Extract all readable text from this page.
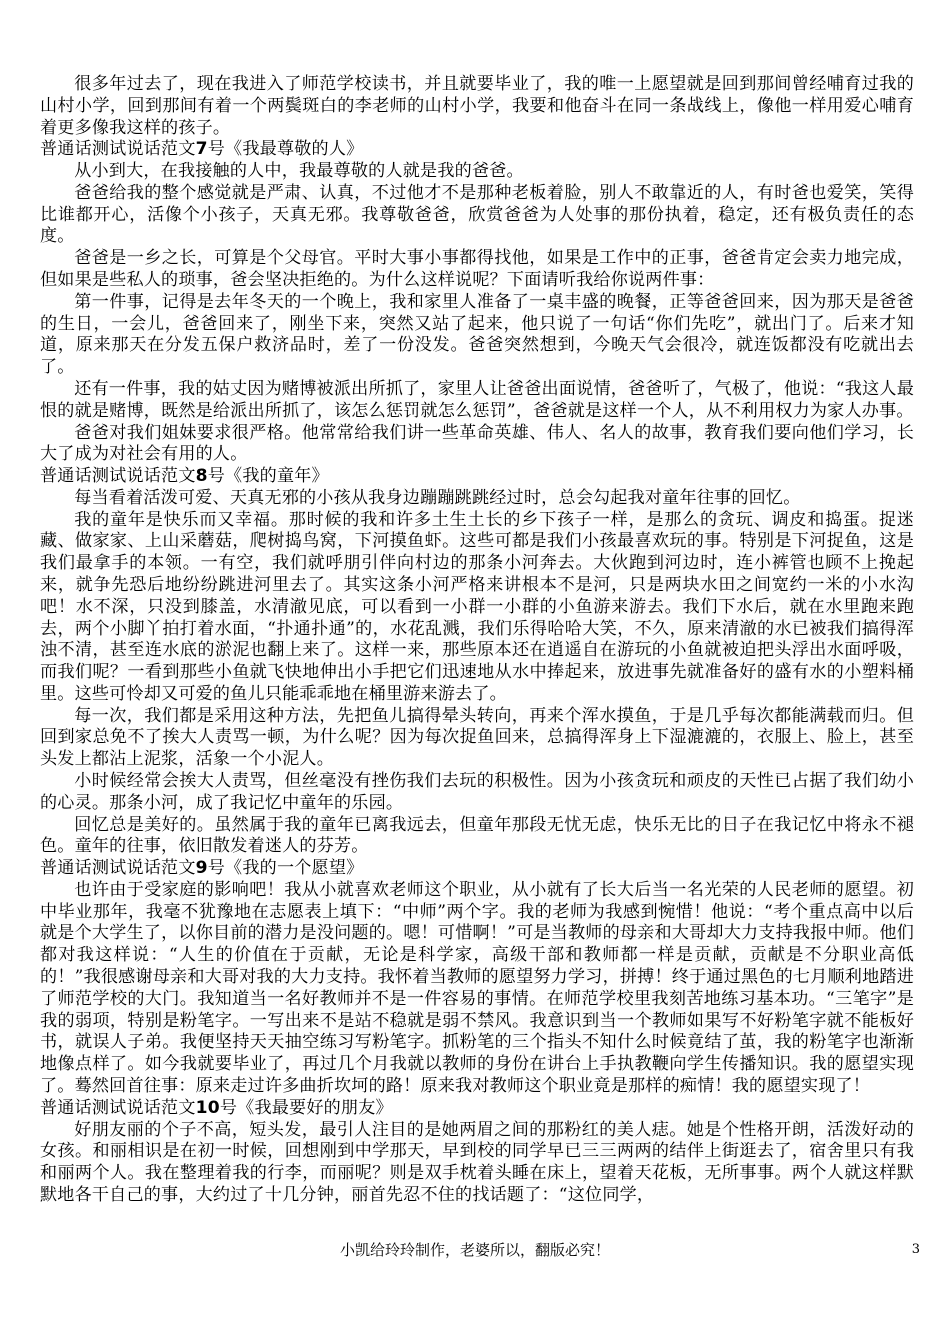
很多年过去了，现在我进入了师范学校读书，并且就要毕业了，我的唯一上愿望就是回到那间曾经哺育过我的山村小学，回到那间有着一个两鬓斑白的李老师的山村小学，我要和他奋斗在同一条战线上，像他一样用爱心哺育着更多像我这样的孩子。

普通话测试说话范文7号《我最尊敬的人》

从小到大，在我接触的人中，我最尊敬的人就是我的爸爸。

爸爸给我的整个感觉就是严肃、认真，不过他才不是那种老板着脸，别人不敢靠近的人，有时爸也爱笑，笑得比谁都开心，活像个小孩子，天真无邪。我尊敬爸爸，欣赏爸爸为人处事的那份执着，稳定，还有极负责任的态度。

爸爸是一乡之长，可算是个父母官。平时大事小事都得找他，如果是工作中的正事，爸爸肯定会卖力地完成，但如果是些私人的琐事，爸会坚决拒绝的。为什么这样说呢？下面请听我给你说两件事：

第一件事，记得是去年冬天的一个晚上，我和家里人准备了一桌丰盛的晚餐，正等爸爸回来，因为那天是爸爸的生日，一会儿，爸爸回来了，刚坐下来，突然又站了起来，他只说了一句话“你们先吃”，就出门了。后来才知道，原来那天在分发五保户救济品时，差了一份没发。爸爸突然想到，今晚天气会很冷，就连饭都没有吃就出去了。

还有一件事，我的姑丈因为赌博被派出所抓了，家里人让爸爸出面说情，爸爸听了，气极了，他说：“我这人最恨的就是赌博，既然是给派出所抓了，该怎么惩罚就怎么惩罚”，爸爸就是这样一个人，从不利用权力为家人办事。

爸爸对我们姐妹要求很严格。他常常给我们讲一些革命英雄、伟人、名人的故事，教育我们要向他们学习，长大了成为对社会有用的人。

普通话测试说话范文8号《我的童年》

每当看着活泼可爱、天真无邪的小孩从我身边蹦蹦跳跳经过时，总会勾起我对童年往事的回忆。

我的童年是快乐而又幸福。那时候的我和许多土生土长的乡下孩子一样，是那么的贪玩、调皮和捣蛋。捉迷藏、做家家、上山采蘑菇，爬树捣鸟窝，下河摸鱼虾。这些可都是我们小孩最喜欢玩的事。特别是下河捉鱼，这是我们最拿手的本领。一有空，我们就呼朋引伴向村边的那条小河奔去。大伙跑到河边时，连小裤管也顾不上挽起来，就争先恐后地纷纷跳进河里去了。其实这条小河严格来讲根本不是河，只是两块水田之间宽约一米的小水沟吧！水不深，只没到膝盖，水清澈见底，可以看到一小群一小群的小鱼游来游去。我们下水后，就在水里跑来跑去，两个小脚丫拍打着水面，“扑通扑通”的，水花乱溅，我们乐得哈哈大笑，不久，原来清澈的水已被我们搞得浑浊不清，甚至连水底的淤泥也翻上来了。这样一来，那些原本还在逍遥自在游玩的小鱼就被迫把头浮出水面呼吸，而我们呢？一看到那些小鱼就飞快地伸出小手把它们迅速地从水中捧起来，放进事先就准备好的盛有水的小塑料桶里。这些可怜却又可爱的鱼儿只能乖乖地在桶里游来游去了。

每一次，我们都是采用这种方法，先把鱼儿搞得晕头转向，再来个浑水摸鱼，于是几乎每次都能满载而归。但回到家总免不了挨大人责骂一顿，为什么呢？因为每次捉鱼回来，总搞得浑身上下湿漉漉的，衣服上、脸上，甚至头发上都沾上泥浆，活象一个小泥人。

小时候经常会挨大人责骂，但丝毫没有挫伤我们去玩的积极性。因为小孩贪玩和顽皮的天性已占据了我们幼小的心灵。那条小河，成了我记忆中童年的乐园。

回忆总是美好的。虽然属于我的童年已离我远去，但童年那段无忧无虑，快乐无比的日子在我记忆中将永不褪色。童年的往事，依旧散发着迷人的芬芳。

普通话测试说话范文9号《我的一个愿望》

也许由于受家庭的影响吧！我从小就喜欢老师这个职业，从小就有了长大后当一名光荣的人民老师的愿望。初中毕业那年，我毫不犹豫地在志愿表上填下：“中师”两个字。我的老师为我感到惋惜！他说：“考个重点高中以后就是个大学生了，以你目前的潜力是没问题的。嗯！可惜啊！”可是当教师的母亲和大哥却大力支持我报中师。他们都对我这样说：“人生的价值在于贡献，无论是科学家，高级干部和教师都一样是贡献，贡献是不分职业高低的！”我很感谢母亲和大哥对我的大力支持。我怀着当教师的愿望努力学习，拼搏！终于通过黑色的七月顺利地踏进了师范学校的大门。我知道当一名好教师并不是一件容易的事情。在师范学校里我刻苦地练习基本功。“三笔字”是我的弱项，特别是粉笔字。一写出来不是站不稳就是弱不禁风。我意识到当一个教师如果写不好粉笔字就不能板好书，就误人子弟。我便坚持天天抽空练习写粉笔字。抓粉笔的三个指头不知什么时候竟结了茧，我的粉笔字也渐渐地像点样了。如今我就要毕业了，再过几个月我就以教师的身份在讲台上手执教鞭向学生传播知识。我的愿望实现了。蓦然回首往事：原来走过许多曲折坎坷的路！原来我对教师这个职业竟是那样的痴情！我的愿望实现了！

普通话测试说话范文10号《我最要好的朋友》

好朋友丽的个子不高，短头发，最引人注目的是她两眉之间的那粉红的美人痣。她是个性格开朗，活泼好动的女孩。和丽相识是在初一时候，回想刚到中学那天，早到校的同学早已三三两两的结伴上街逛去了，宿舍里只有我和丽两个人。我在整理着我的行李，而丽呢？则是双手枕着头睡在床上，望着天花板，无所事事。两个人就这样默默地各干自己的事，大约过了十几分钟，丽首先忍不住的找话题了：“这位同学，

小凯给玲玲制作，老婆所以，翻版必究！	3
